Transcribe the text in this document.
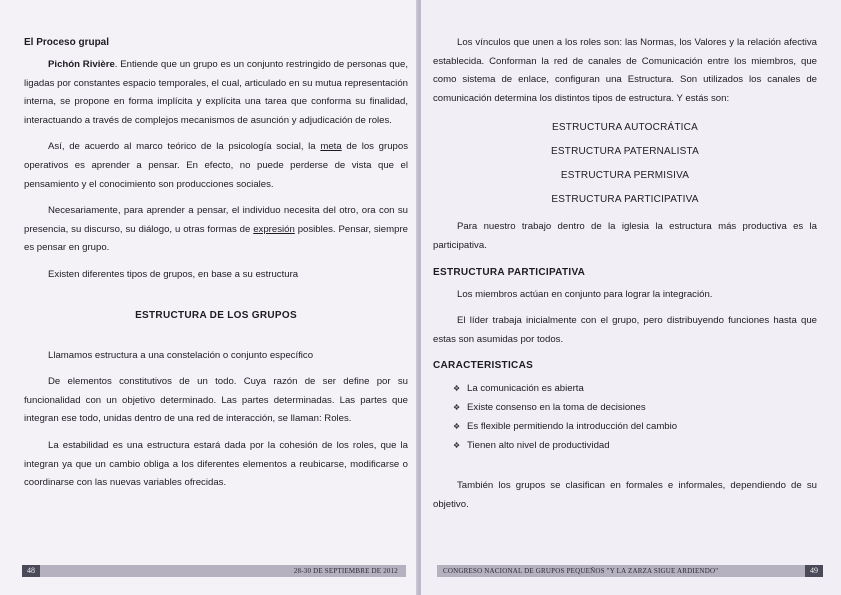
El Proceso grupal

Pichón Rivière. Entiende que un grupo es un conjunto restringido de personas que, ligadas por constantes espacio temporales, el cual, articulado en su mutua representación interna, se propone en forma implícita y explícita una tarea que conforma su finalidad, interactuando a través de complejos mecanismos de asunción y adjudicación de roles.

Así, de acuerdo al marco teórico de la psicología social, la meta de los grupos operativos es aprender a pensar. En efecto, no puede perderse de vista que el pensamiento y el conocimiento son producciones sociales.

Necesariamente, para aprender a pensar, el individuo necesita del otro, ora con su presencia, su discurso, su diálogo, u otras formas de expresión posibles. Pensar, siempre es pensar en grupo.

Existen diferentes tipos de grupos, en base a su estructura

ESTRUCTURA DE LOS GRUPOS

Llamamos estructura a una constelación o conjunto específico

De elementos constitutivos de un todo. Cuya razón de ser define por su funcionalidad con un objetivo determinado. Las partes determinadas. Las partes que integran ese todo, unidas dentro de una red de interacción, se llaman: Roles.

La estabilidad es una estructura estará dada por la cohesión de los roles, que la integran ya que un cambio obliga a los diferentes elementos a reubicarse, modificarse o coordinarse con las nuevas variables ofrecidas.

48	28-30 DE SEPTIEMBRE DE 2012

Los vínculos que unen a los roles son: las Normas, los Valores y la relación afectiva establecida. Conforman la red de canales de Comunicación entre los miembros, que como sistema de enlace, configuran una Estructura. Son utilizados los canales de comunicación determina los distintos tipos de estructura. Y estás son:

ESTRUCTURA AUTOCRÁTICA
ESTRUCTURA PATERNALISTA
ESTRUCTURA PERMISIVA
ESTRUCTURA PARTICIPATIVA

Para nuestro trabajo dentro de la iglesia la estructura más productiva es la participativa.

ESTRUCTURA PARTICIPATIVA

Los miembros actúan en conjunto para lograr la integración.

El líder trabaja inicialmente con el grupo, pero distribuyendo funciones hasta que estas son asumidas por todos.

CARACTERISTICAS
❖ La comunicación es abierta
❖ Existe consenso en la toma de decisiones
❖ Es flexible permitiendo la introducción del cambio
❖ Tienen alto nivel de productividad

También los grupos se clasifican en formales e informales, dependiendo de su objetivo.

CONGRESO NACIONAL DE GRUPOS PEQUEÑOS "Y LA ZARZA SIGUE ARDIENDO"	49
